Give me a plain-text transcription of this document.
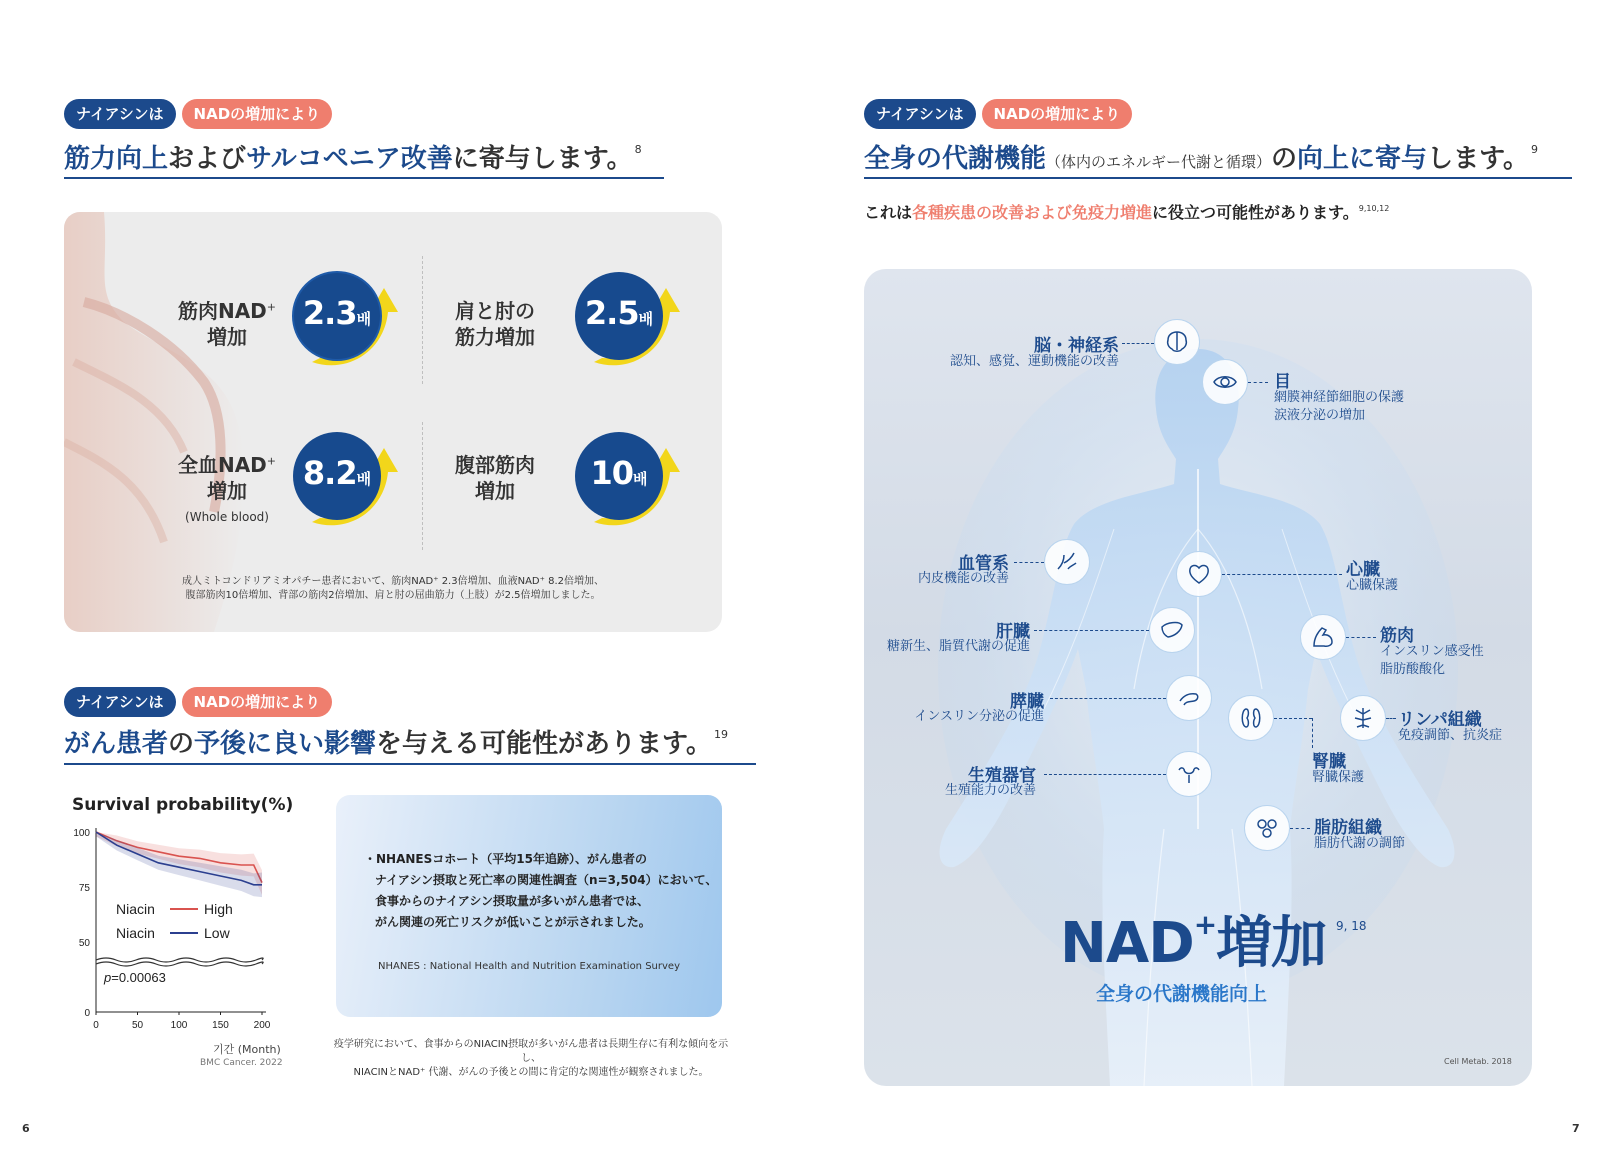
ナイアシンは	NADの増加により
筋力向上およびサルコペニア改善に寄与します。 $^8$
筋肉NAD+
増加
2.3배	肩と肘の
筋力増加
2.5배
全血NAD+
増加
(Whole blood)
8.2배
腹部筋肉
増加	10배
成人ミトコンドリアミオパチー患者において、筋肉NAD⁺ 2.3倍増加、血液NAD⁺ 8.2倍増加、
腹部筋肉10倍増加、背部の筋肉2倍増加、肩と肘の屈曲筋力（上肢）が2.5倍増加しました。
ナイアシンは	NADの増加により
がん患者の予後に良い影響を与える可能性があります。 $^{19}$
Survival probability(%)
0
50
75
100
0	50	100 150 200
Niacin	High
Niacin	Low
p=0.00063
기간 (Month)
BMC Cancer. 2022
・NHANESコホート（平均15年追跡）、がん患者の
ナイアシン摂取と死亡率の関連性調査（n=3,504）において、
食事からのナイアシン摂取量が多いがん患者では、
がん関連の死亡リスクが低いことが示されました。
NHANES : National Health and Nutrition Examination Survey
疫学研究において、食事からのNIACIN摂取が多いがん患者は長期生存に有利な傾向を示し、
NIACINとNAD⁺ 代謝、がんの予後との間に肯定的な関連性が観察されました。
6
ナイアシンは	NADの増加により
全身の代謝機能（体内のエネルギー代謝と循環）の向上に寄与します。 $^9$
これは各種疾患の改善および免疫力増進に役立つ可能性があります。$^{9,10,12}$
脳・神経系
認知、感覚、運動機能の改善
目
網膜神経節細胞の保護
涙液分泌の増加
血管系
内皮機能の改善	心臓
心臓保護
肝臓
糖新生、脂質代謝の促進
筋肉
インスリン感受性
脂肪酸酸化
膵臓
インスリン分泌の促進
腎臓
腎臓保護
リンパ組織
免疫調節、抗炎症
生殖器官
生殖能力の改善
脂肪組織
脂肪代謝の調節
NAD+増加 9, 18
全身の代謝機能向上
Cell Metab. 2018
7
